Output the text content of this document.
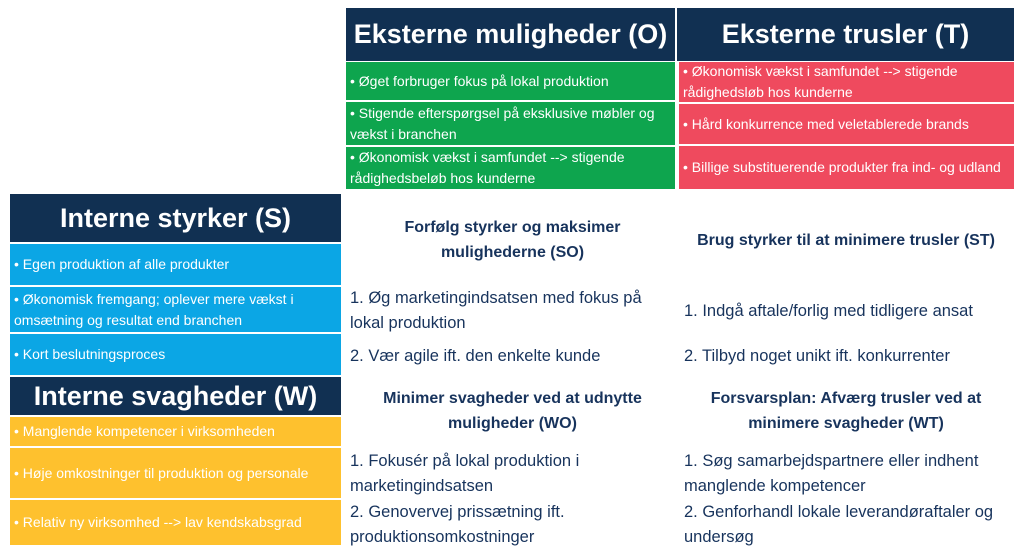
Eksterne muligheder (O)	Eksterne trusler (T)
• Øget forbruger fokus på lokal produktion
• Stigende efterspørgsel på eksklusive møbler og vækst i branchen
• Økonomisk vækst i samfundet --> stigende rådighedsbeløb hos kunderne
• Økonomisk vækst i samfundet --> stigende rådighedsløb hos kunderne
• Hård konkurrence med veletablerede brands
• Billige substituerende produkter fra ind- og udland
Interne styrker (S)
• Egen produktion af alle produkter
• Økonomisk fremgang; oplever mere vækst i omsætning og resultat end branchen
• Kort beslutningsproces
Interne svagheder (W)
• Manglende kompetencer i virksomheden
• Høje omkostninger til produktion og personale
• Relativ ny virksomhed --> lav kendskabsgrad
Forfølg styrker og maksimer mulighederne (SO)
1. Øg marketingindsatsen med fokus på lokal produktion
2. Vær agile ift. den enkelte kunde
Brug styrker til at minimere trusler (ST)
1. Indgå aftale/forlig med tidligere ansat
2. Tilbyd noget unikt ift. konkurrenter
Minimer svagheder ved at udnytte muligheder (WO)
1. Fokusér på lokal produktion i marketingindsatsen
2. Genovervej prissætning ift. produktionsomkostninger
Forsvarsplan: Afværg trusler ved at minimere svagheder (WT)
1. Søg samarbejdspartnere eller indhent manglende kompetencer
2. Genforhandl lokale leverandøraftaler og undersøg
